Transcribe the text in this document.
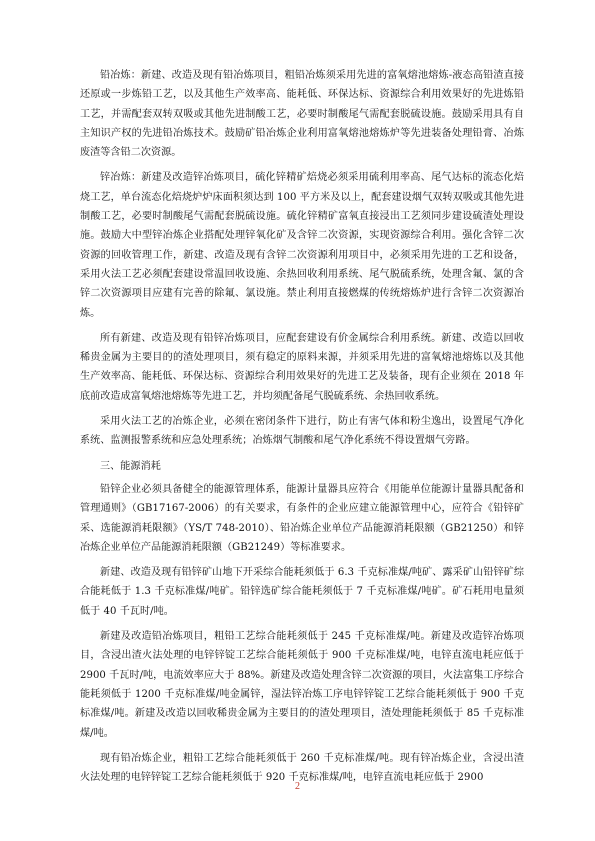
铅冶炼：新建、改造及现有铅冶炼项目，粗铅冶炼须采用先进的富氧熔池熔炼-液态高铅渣直接还原或一步炼铅工艺，以及其他生产效率高、能耗低、环保达标、资源综合利用效果好的先进炼铅工艺，并需配套双转双吸或其他先进制酸工艺，必要时制酸尾气需配套脱硫设施。鼓励采用具有自主知识产权的先进铅冶炼技术。鼓励矿铅冶炼企业利用富氧熔池熔炼炉等先进装备处理铅膏、冶炼废渣等含铅二次资源。

锌冶炼：新建及改造锌冶炼项目，硫化锌精矿焙烧必须采用硫利用率高、尾气达标的流态化焙烧工艺，单台流态化焙烧炉炉床面积须达到 100 平方米及以上，配套建设烟气双转双吸或其他先进制酸工艺，必要时制酸尾气需配套脱硫设施。硫化锌精矿富氧直接浸出工艺须同步建设硫渣处理设施。鼓励大中型锌冶炼企业搭配处理锌氧化矿及含锌二次资源，实现资源综合利用。强化含锌二次资源的回收管理工作，新建、改造及现有含锌二次资源利用项目中，必须采用先进的工艺和设备，采用火法工艺必须配套建设常温回收设施、余热回收利用系统、尾气脱硫系统，处理含氟、氯的含锌二次资源项目应建有完善的除氟、氯设施。禁止利用直接燃煤的传统熔炼炉进行含锌二次资源冶炼。

所有新建、改造及现有铅锌冶炼项目，应配套建设有价金属综合利用系统。新建、改造以回收稀贵金属为主要目的的渣处理项目，须有稳定的原料来源，并须采用先进的富氧熔池熔炼以及其他生产效率高、能耗低、环保达标、资源综合利用效果好的先进工艺及装备，现有企业须在 2018 年底前改造成富氧熔池熔炼等先进工艺，并均须配备尾气脱硫系统、余热回收系统。

采用火法工艺的冶炼企业，必须在密闭条件下进行，防止有害气体和粉尘逸出，设置尾气净化系统、监测报警系统和应急处理系统；冶炼烟气制酸和尾气净化系统不得设置烟气旁路。

三、能源消耗

铅锌企业必须具备健全的能源管理体系，能源计量器具应符合《用能单位能源计量器具配备和管理通则》（GB17167-2006）的有关要求，有条件的企业应建立能源管理中心，应符合《铅锌矿采、选能源消耗限额》（YS/T 748-2010）、铅冶炼企业单位产品能源消耗限额（GB21250）和锌冶炼企业单位产品能源消耗限额（GB21249）等标准要求。

新建、改造及现有铅锌矿山地下开采综合能耗须低于 6.3 千克标准煤/吨矿、露采矿山铅锌矿综合能耗低于 1.3 千克标准煤/吨矿。铅锌选矿综合能耗须低于 7 千克标准煤/吨矿。矿石耗用电量须低于 40 千瓦时/吨。

新建及改造铅冶炼项目，粗铅工艺综合能耗须低于 245 千克标准煤/吨。新建及改造锌冶炼项目，含浸出渣火法处理的电锌锌锭工艺综合能耗须低于 900 千克标准煤/吨，电锌直流电耗应低于 2900 千瓦时/吨，电流效率应大于 88%。新建及改造处理含锌二次资源的项目，火法富集工序综合能耗须低于 1200 千克标准煤/吨金属锌，湿法锌冶炼工序电锌锌锭工艺综合能耗须低于 900 千克标准煤/吨。新建及改造以回收稀贵金属为主要目的的渣处理项目，渣处理能耗须低于 85 千克标准煤/吨。

现有铅冶炼企业，粗铅工艺综合能耗须低于 260 千克标准煤/吨。现有锌冶炼企业，含浸出渣火法处理的电锌锌锭工艺综合能耗须低于 920 千克标准煤/吨，电锌直流电耗应低于 2900

2
